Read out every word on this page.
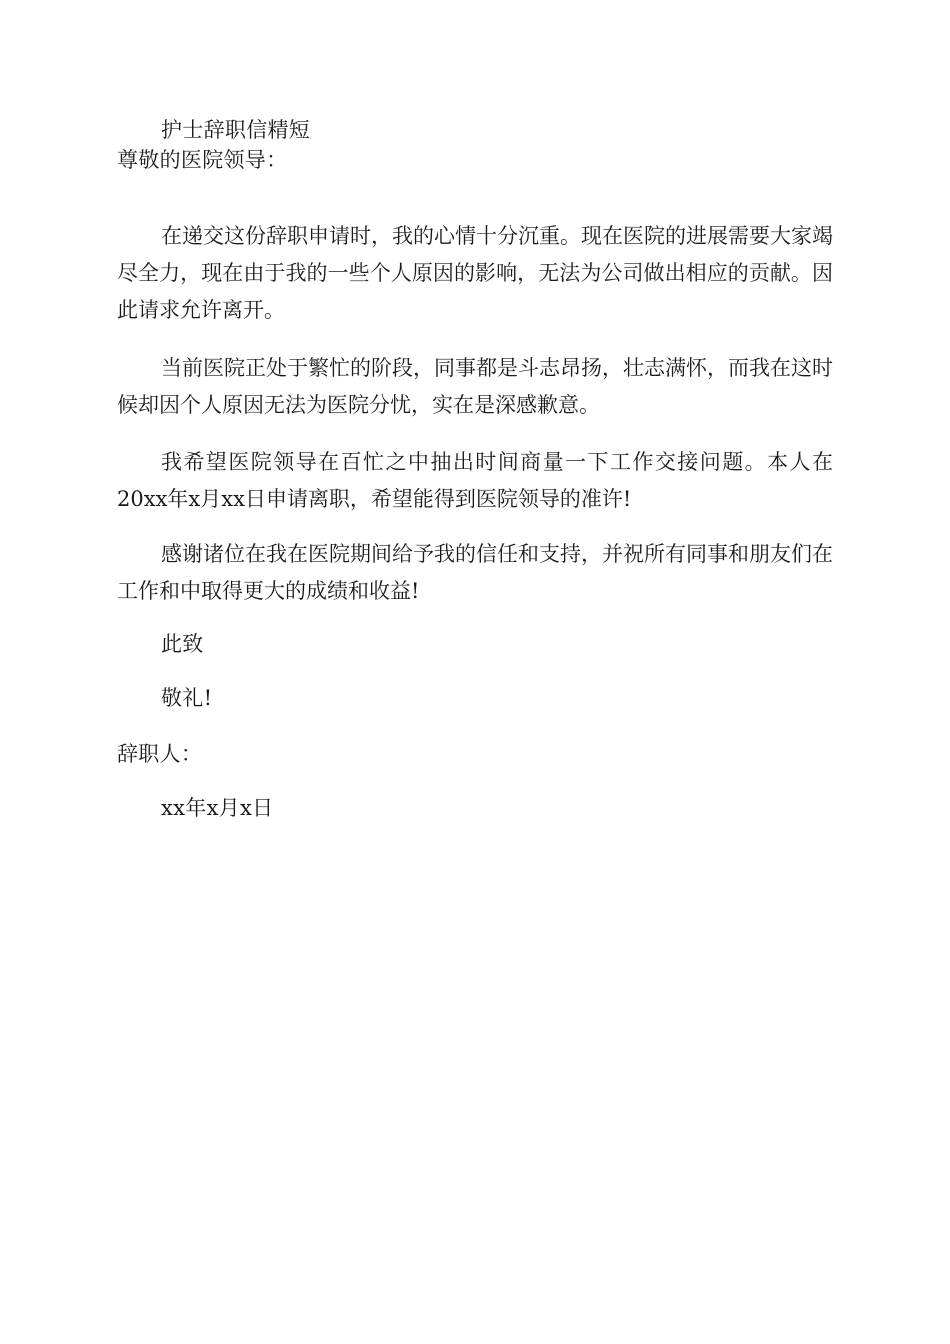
护士辞职信精短
尊敬的医院领导：
在递交这份辞职申请时，我的心情十分沉重。现在医院的进展需要大家竭尽全力，现在由于我的一些个人原因的影响，无法为公司做出相应的贡献。因此请求允许离开。
当前医院正处于繁忙的阶段，同事都是斗志昂扬，壮志满怀，而我在这时候却因个人原因无法为医院分忧，实在是深感歉意。
我希望医院领导在百忙之中抽出时间商量一下工作交接问题。本人在20xx年x月xx日申请离职，希望能得到医院领导的准许!
感谢诸位在我在医院期间给予我的信任和支持，并祝所有同事和朋友们在工作和中取得更大的成绩和收益!
此致
敬礼!
辞职人：
xx年x月x日
